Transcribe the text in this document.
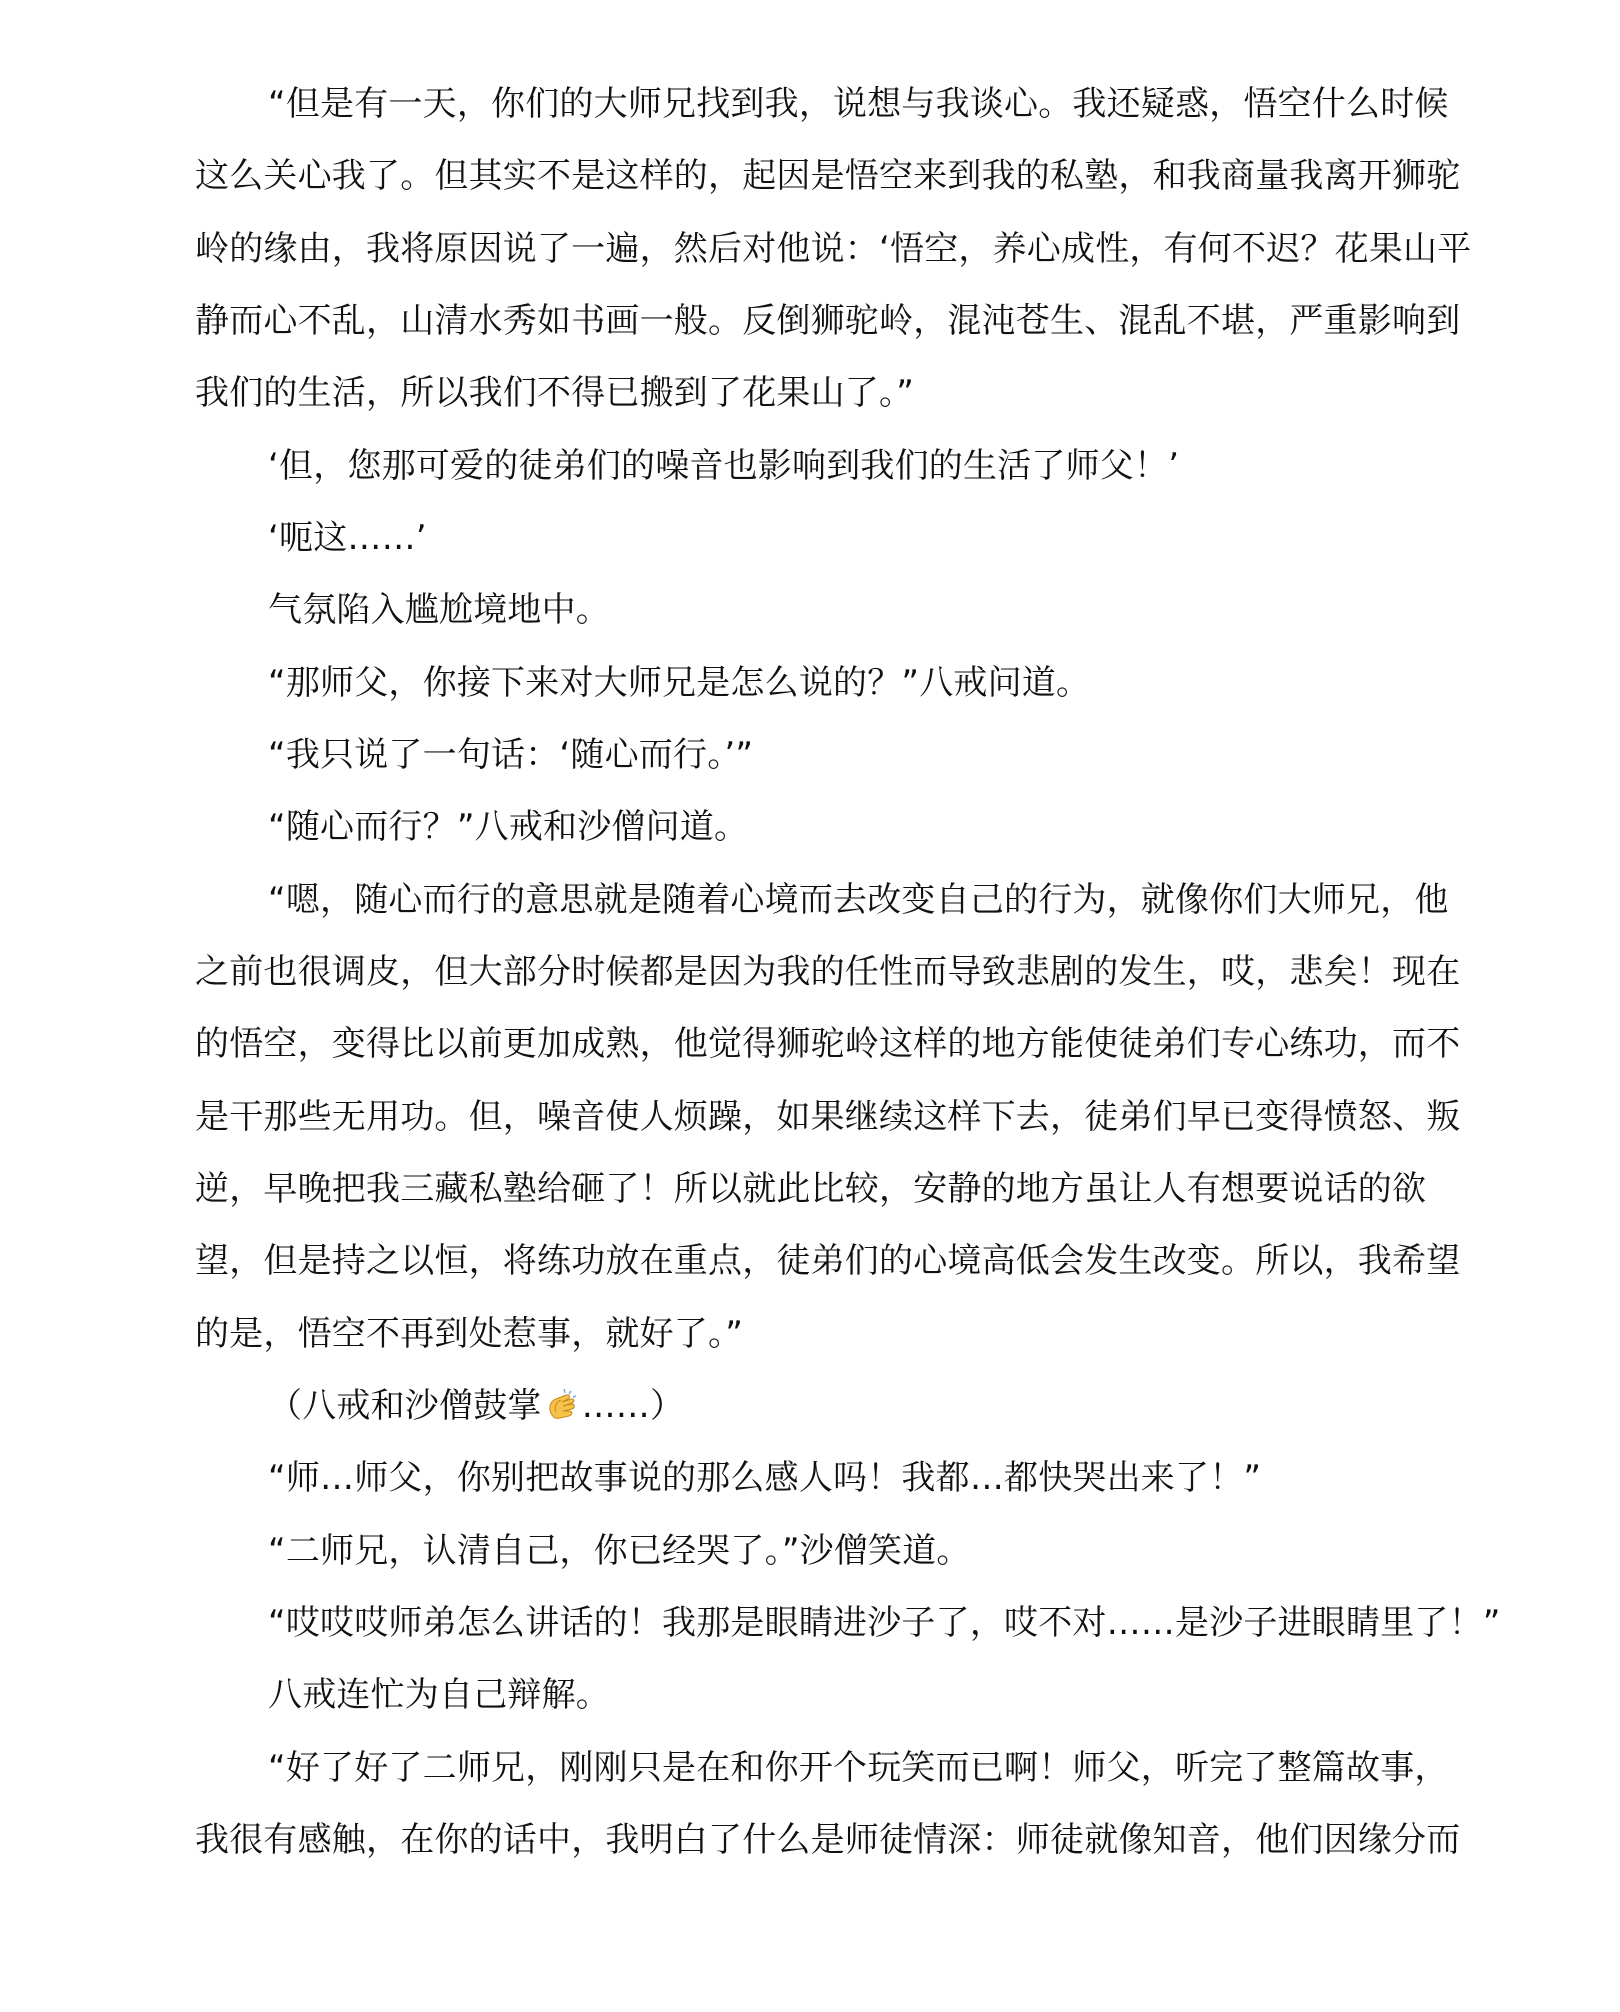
“但是有一天，你们的大师兄找到我，说想与我谈心。我还疑惑，悟空什么时候
这么关心我了。但其实不是这样的，起因是悟空来到我的私塾，和我商量我离开狮驼
岭的缘由，我将原因说了一遍，然后对他说：‘悟空，养心成性，有何不迟？花果山平
静而心不乱，山清水秀如书画一般。反倒狮驼岭，混沌苍生、混乱不堪，严重影响到
我们的生活，所以我们不得已搬到了花果山了。”
‘但，您那可爱的徒弟们的噪音也影响到我们的生活了师父！’
‘呃这……’
气氛陷入尴尬境地中。
“那师父，你接下来对大师兄是怎么说的？”八戒问道。
“我只说了一句话：‘随心而行。’”
“随心而行？”八戒和沙僧问道。
“嗯，随心而行的意思就是随着心境而去改变自己的行为，就像你们大师兄，他
之前也很调皮，但大部分时候都是因为我的任性而导致悲剧的发生，哎，悲矣！现在
的悟空，变得比以前更加成熟，他觉得狮驼岭这样的地方能使徒弟们专心练功，而不
是干那些无用功。但，噪音使人烦躁，如果继续这样下去，徒弟们早已变得愤怒、叛
逆，早晚把我三藏私塾给砸了！所以就此比较，安静的地方虽让人有想要说话的欲
望，但是持之以恒，将练功放在重点，徒弟们的心境高低会发生改变。所以，我希望
的是，悟空不再到处惹事，就好了。”
（八戒和沙僧鼓掌 ……）
“师…师父，你别把故事说的那么感人吗！我都…都快哭出来了！”
“二师兄，认清自己，你已经哭了。”沙僧笑道。
“哎哎哎师弟怎么讲话的！我那是眼睛进沙子了，哎不对……是沙子进眼睛里了！”
八戒连忙为自己辩解。
“好了好了二师兄，刚刚只是在和你开个玩笑而已啊！师父，听完了整篇故事，
我很有感触，在你的话中，我明白了什么是师徒情深：师徒就像知音，他们因缘分而
